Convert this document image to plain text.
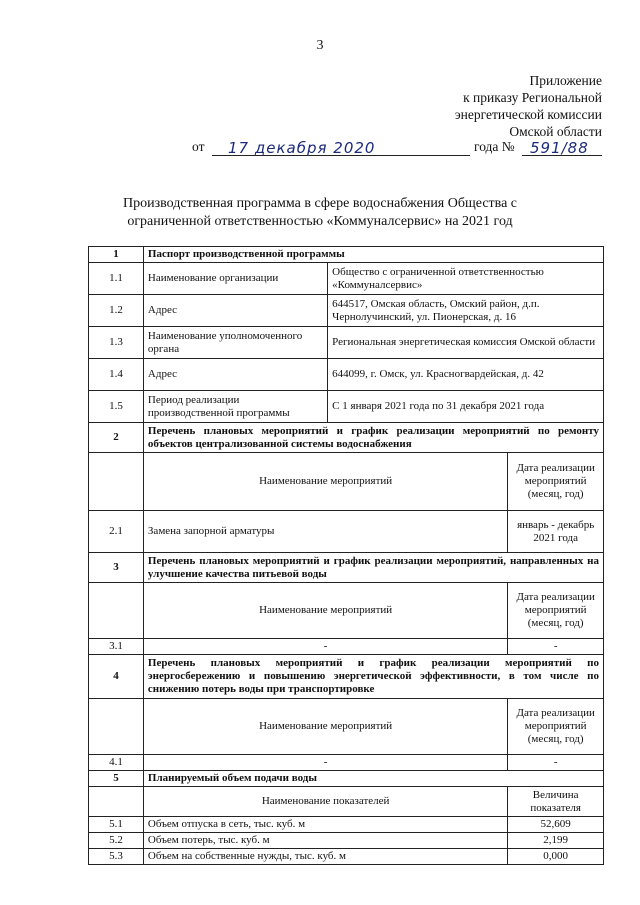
3
Приложение
к приказу Региональной
энергетической комиссии
Омской области
от 17 декабря 2020	года № 591/88
Производственная программа в сфере водоснабжения Общества с
ограниченной ответственностью «Коммуналсервис» на 2021 год
1	Паспорт производственной программы		
1.1	Наименование организации	Общество с ограниченной ответственностью «Коммуналсервис»	
1.2	Адрес	644517, Омская область, Омский район, д.п. Чернолучинский, ул. Пионерская, д. 16	
1.3	Наименование уполномоченного органа	Региональная энергетическая комиссия Омской области	
1.4	Адрес	644099, г. Омск, ул. Красногвардейская, д. 42	
1.5	Период реализации производственной программы	С 1 января 2021 года по 31 декабря 2021 года	
2	Перечень плановых мероприятий и график реализации мероприятий по ремонту объектов централизованной системы водоснабжения		
	Наименование мероприятий		Дата реализации мероприятий (месяц, год)
2.1	Замена запорной арматуры		январь - декабрь 2021 года
3	Перечень плановых мероприятий и график реализации мероприятий, направленных на улучшение качества питьевой воды		
	Наименование мероприятий		Дата реализации мероприятий (месяц, год)
3.1	-		-
4	Перечень плановых мероприятий и график реализации мероприятий по энергосбережению и повышению энергетической эффективности, в том числе по снижению потерь воды при транспортировке		
	Наименование мероприятий		Дата реализации мероприятий (месяц, год)
4.1	-		-
5	Планируемый объем подачи воды		
	Наименование показателей		Величина показателя
5.1	Объем отпуска в сеть, тыс. куб. м		52,609
5.2	Объем потерь, тыс. куб. м		2,199
5.3	Объем на собственные нужды, тыс. куб. м		0,000
